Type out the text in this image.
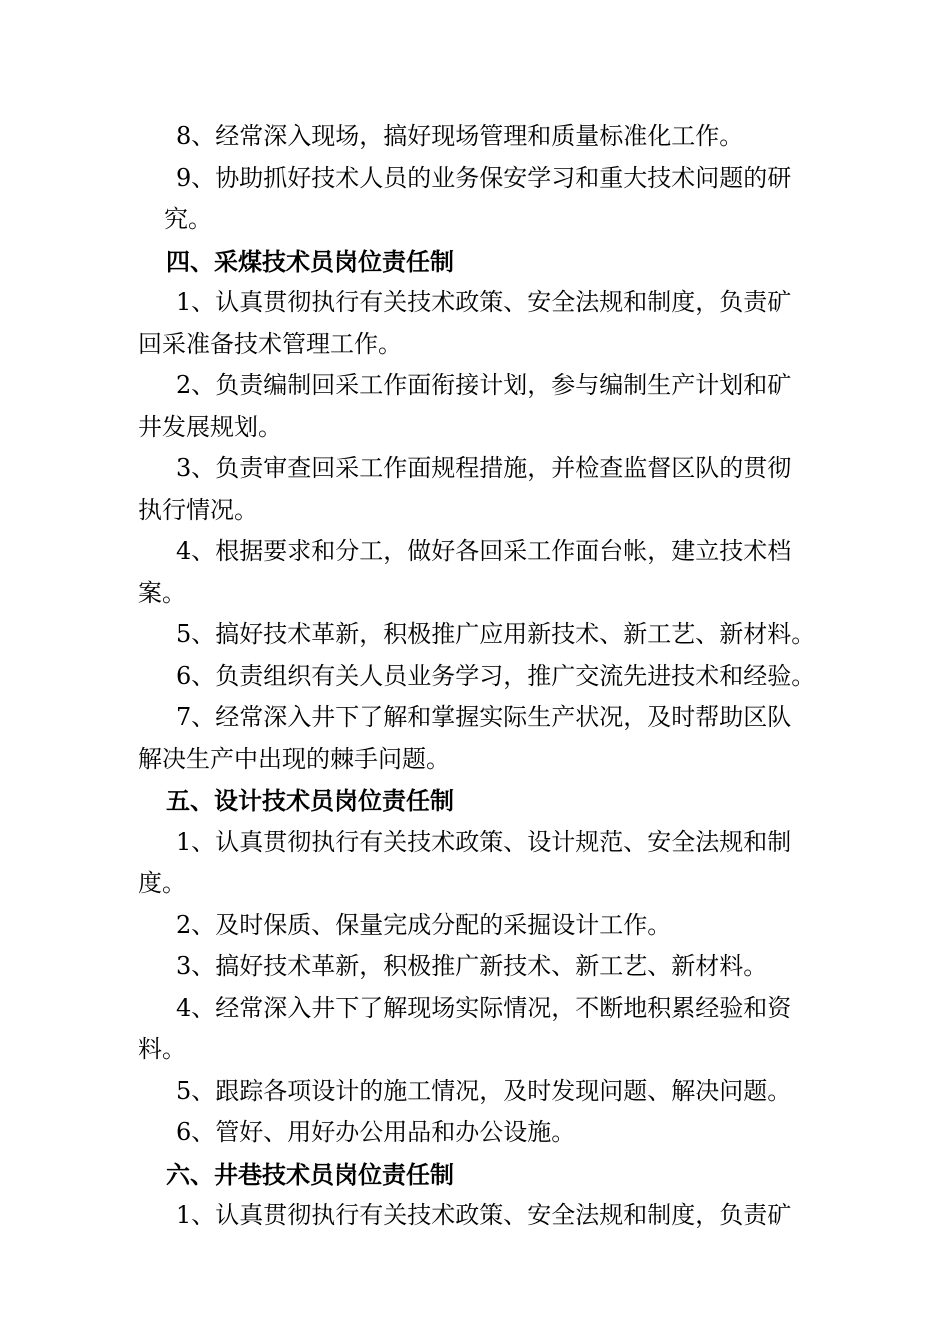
8、经常深入现场，搞好现场管理和质量标准化工作。

9、协助抓好技术人员的业务保安学习和重大技术问题的研
究。

四、采煤技术员岗位责任制

1、认真贯彻执行有关技术政策、安全法规和制度，负责矿
回采准备技术管理工作。

2、负责编制回采工作面衔接计划，参与编制生产计划和矿
井发展规划。

3、负责审查回采工作面规程措施，并检查监督区队的贯彻
执行情况。

4、根据要求和分工，做好各回采工作面台帐，建立技术档
案。

5、搞好技术革新，积极推广应用新技术、新工艺、新材料。

6、负责组织有关人员业务学习，推广交流先进技术和经验。

7、经常深入井下了解和掌握实际生产状况，及时帮助区队
解决生产中出现的棘手问题。

五、设计技术员岗位责任制

1、认真贯彻执行有关技术政策、设计规范、安全法规和制
度。

2、及时保质、保量完成分配的采掘设计工作。

3、搞好技术革新，积极推广新技术、新工艺、新材料。

4、经常深入井下了解现场实际情况，不断地积累经验和资
料。

5、跟踪各项设计的施工情况，及时发现问题、解决问题。

6、管好、用好办公用品和办公设施。

六、井巷技术员岗位责任制

1、认真贯彻执行有关技术政策、安全法规和制度，负责矿
